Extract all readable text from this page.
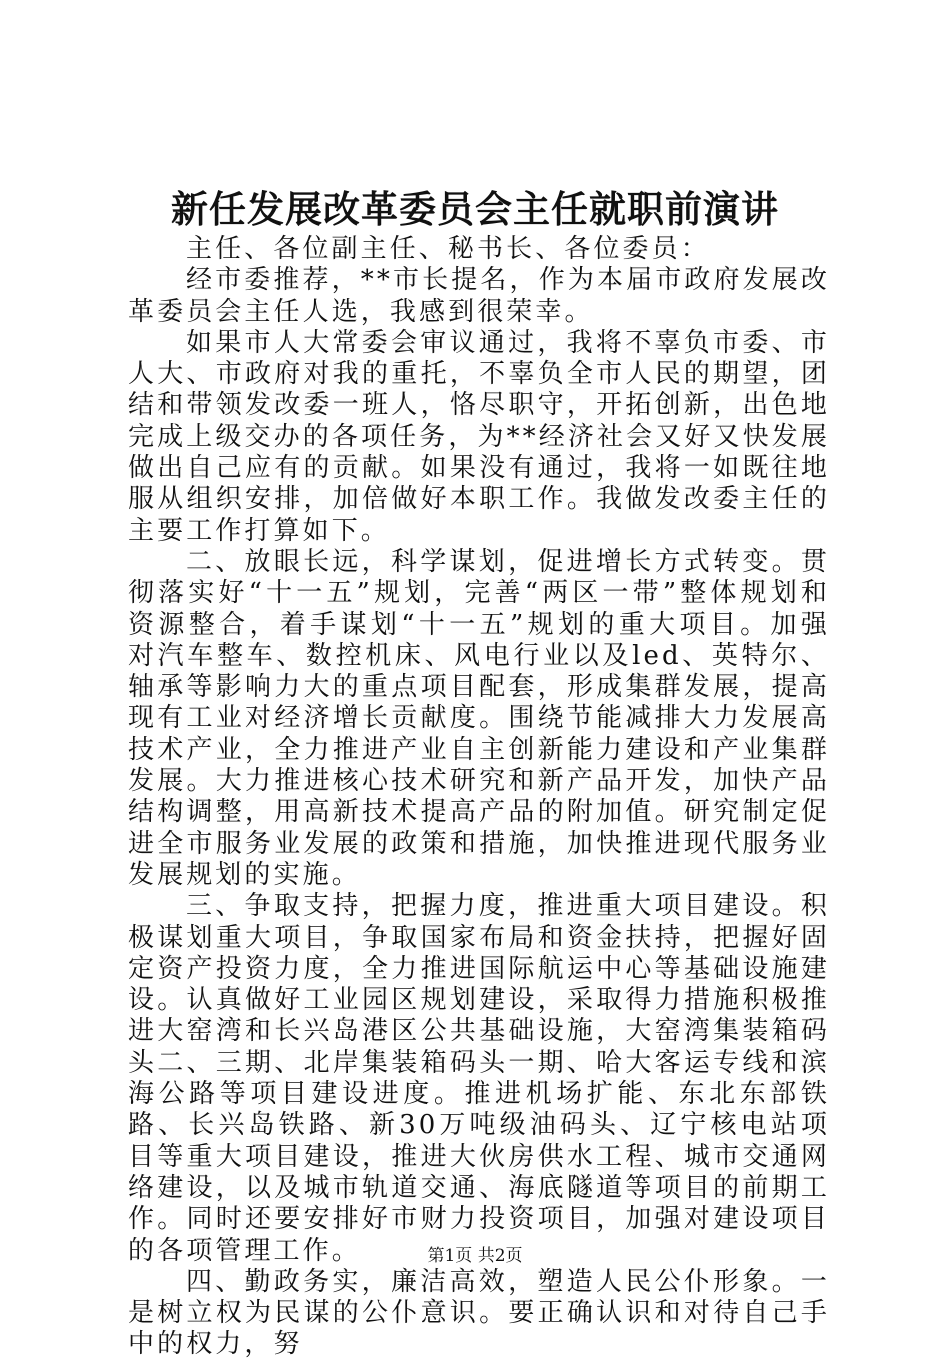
新任发展改革委员会主任就职前演讲

主任、各位副主任、秘书长、各位委员：

经市委推荐，**市长提名，作为本届市政府发展改革委员会主任人选，我感到很荣幸。

如果市人大常委会审议通过，我将不辜负市委、市人大、市政府对我的重托，不辜负全市人民的期望，团结和带领发改委一班人，恪尽职守，开拓创新，出色地完成上级交办的各项任务，为**经济社会又好又快发展做出自己应有的贡献。如果没有通过，我将一如既往地服从组织安排，加倍做好本职工作。我做发改委主任的主要工作打算如下。

二、放眼长远，科学谋划，促进增长方式转变。贯彻落实好“十一五”规划，完善“两区一带”整体规划和资源整合，着手谋划“十一五”规划的重大项目。加强对汽车整车、数控机床、风电行业以及led、英特尔、轴承等影响力大的重点项目配套，形成集群发展，提高现有工业对经济增长贡献度。围绕节能减排大力发展高技术产业，全力推进产业自主创新能力建设和产业集群发展。大力推进核心技术研究和新产品开发，加快产品结构调整，用高新技术提高产品的附加值。研究制定促进全市服务业发展的政策和措施，加快推进现代服务业发展规划的实施。

三、争取支持，把握力度，推进重大项目建设。积极谋划重大项目，争取国家布局和资金扶持，把握好固定资产投资力度，全力推进国际航运中心等基础设施建设。认真做好工业园区规划建设，采取得力措施积极推进大窑湾和长兴岛港区公共基础设施，大窑湾集装箱码头二、三期、北岸集装箱码头一期、哈大客运专线和滨海公路等项目建设进度。推进机场扩能、东北东部铁路、长兴岛铁路、新30万吨级油码头、辽宁核电站项目等重大项目建设，推进大伙房供水工程、城市交通网络建设，以及城市轨道交通、海底隧道等项目的前期工作。同时还要安排好市财力投资项目，加强对建设项目的各项管理工作。

四、勤政务实，廉洁高效，塑造人民公仆形象。一是树立权为民谋的公仆意识。要正确认识和对待自己手中的权力，努

第1页 共2页
